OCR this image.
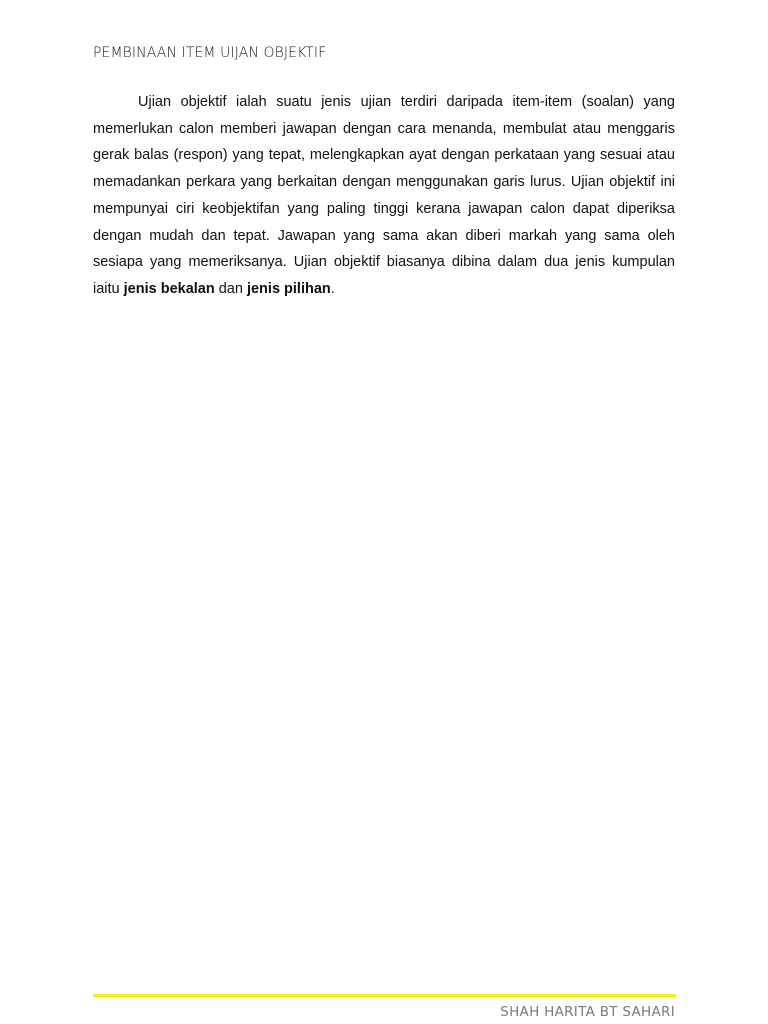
PEMBINAAN ITEM UIJAN OBJEKTIF

Ujian objektif ialah suatu jenis ujian terdiri daripada item-item (soalan) yang memerlukan calon memberi jawapan dengan cara menanda, membulat atau menggaris gerak balas (respon) yang tepat, melengkapkan ayat dengan perkataan yang sesuai atau memadankan perkara yang berkaitan dengan menggunakan garis lurus. Ujian objektif ini mempunyai ciri keobjektifan yang paling tinggi kerana jawapan calon dapat diperiksa dengan mudah dan tepat. Jawapan yang sama akan diberi markah yang sama oleh sesiapa yang memeriksanya. Ujian objektif biasanya dibina dalam dua jenis kumpulan iaitu jenis bekalan dan jenis pilihan.

SHAH HARITA BT SAHARI
